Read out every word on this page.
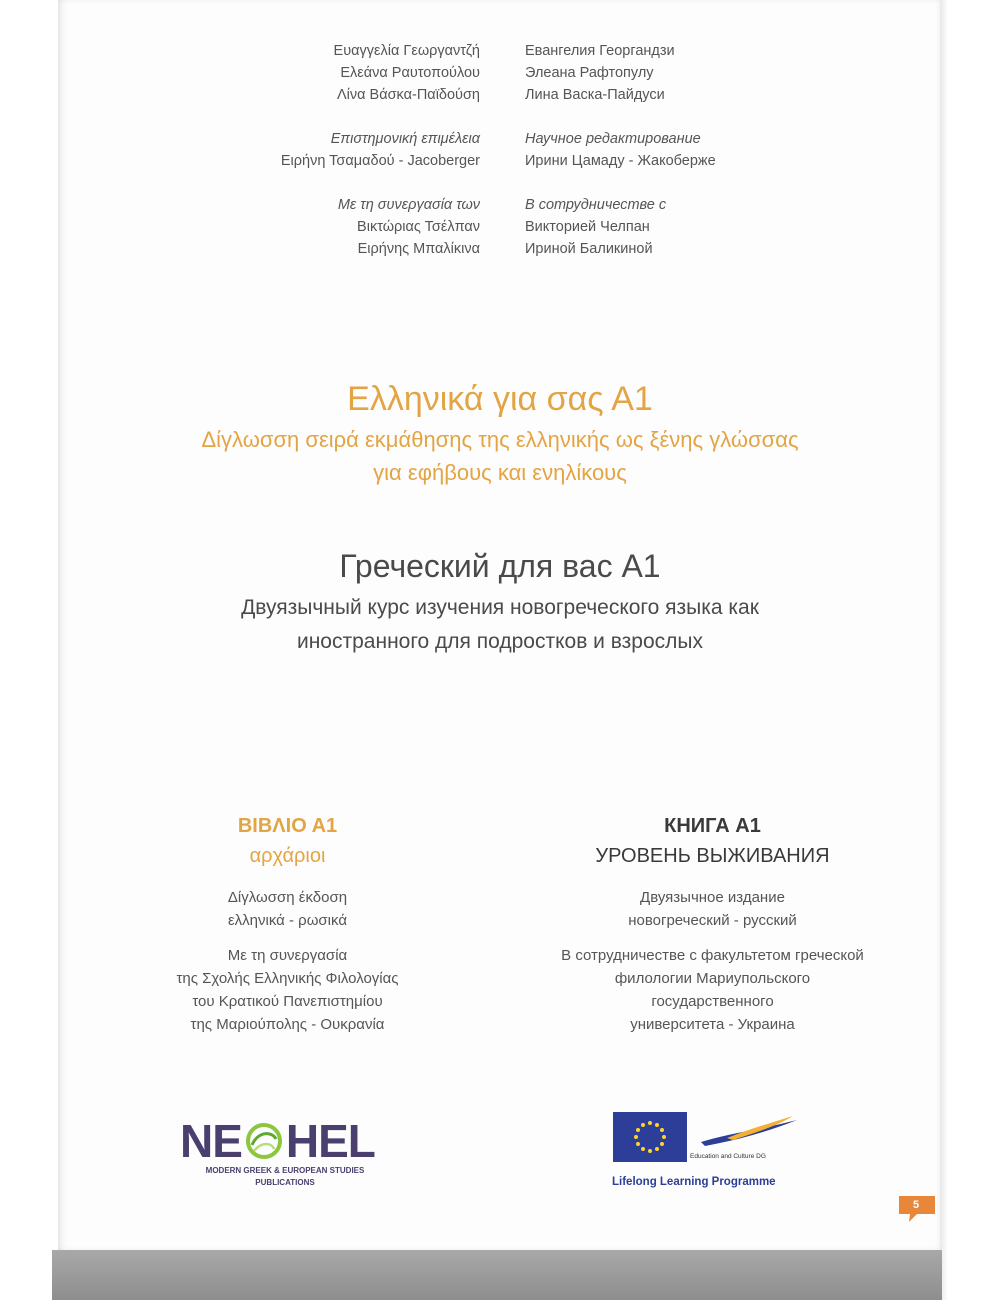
Ευαγγελία Γεωργαντζή
Ελεάνα Ραυτοπούλου
Λίνα Βάσκα-Παϊδούση
Επιστημονική επιμέλεια
Ειρήνη Τσαμαδού - Jacoberger
Με τη συνεργασία των
Βικτώριας Τσέλπαν
Ειρήνης Μπαλίκινα
Евангелия Георгандзи
Элеана Рафтопулу
Лина Васка-Пайдуси
Научное редактирование
Ирини Цамаду - Жакоберже
В сотрудничестве с
Викторией Челпан
Ириной Баликиной
Ελληνικά για σας Α1
Δίγλωσση σειρά εκμάθησης της ελληνικής ως ξένης γλώσσας
για εφήβους και ενηλίκους
Греческий для вас А1
Двуязычный курс изучения новогреческого языка как
иностранного для подростков и взрослых
ΒΙΒΛΙΟ Α1
αρχάριοι
Δίγλωσση έκδοση
ελληνικά - ρωσικά
Με τη συνεργασία
της Σχολής Ελληνικής Φιλολογίας
του Κρατικού Πανεπιστημίου
της Μαριούπολης - Ουκρανία
КНИГА А1
УРОВЕНЬ ВЫЖИВАНИЯ
Двуязычное издание
новогреческий - русский
В сотрудничестве с факультетом греческой
филологии Мариупольского
государственного
университета - Украина
NE HEL
MODERN GREEK & EUROPEAN STUDIES
PUBLICATIONS

Education and Culture DG
Lifelong Learning Programme
5
